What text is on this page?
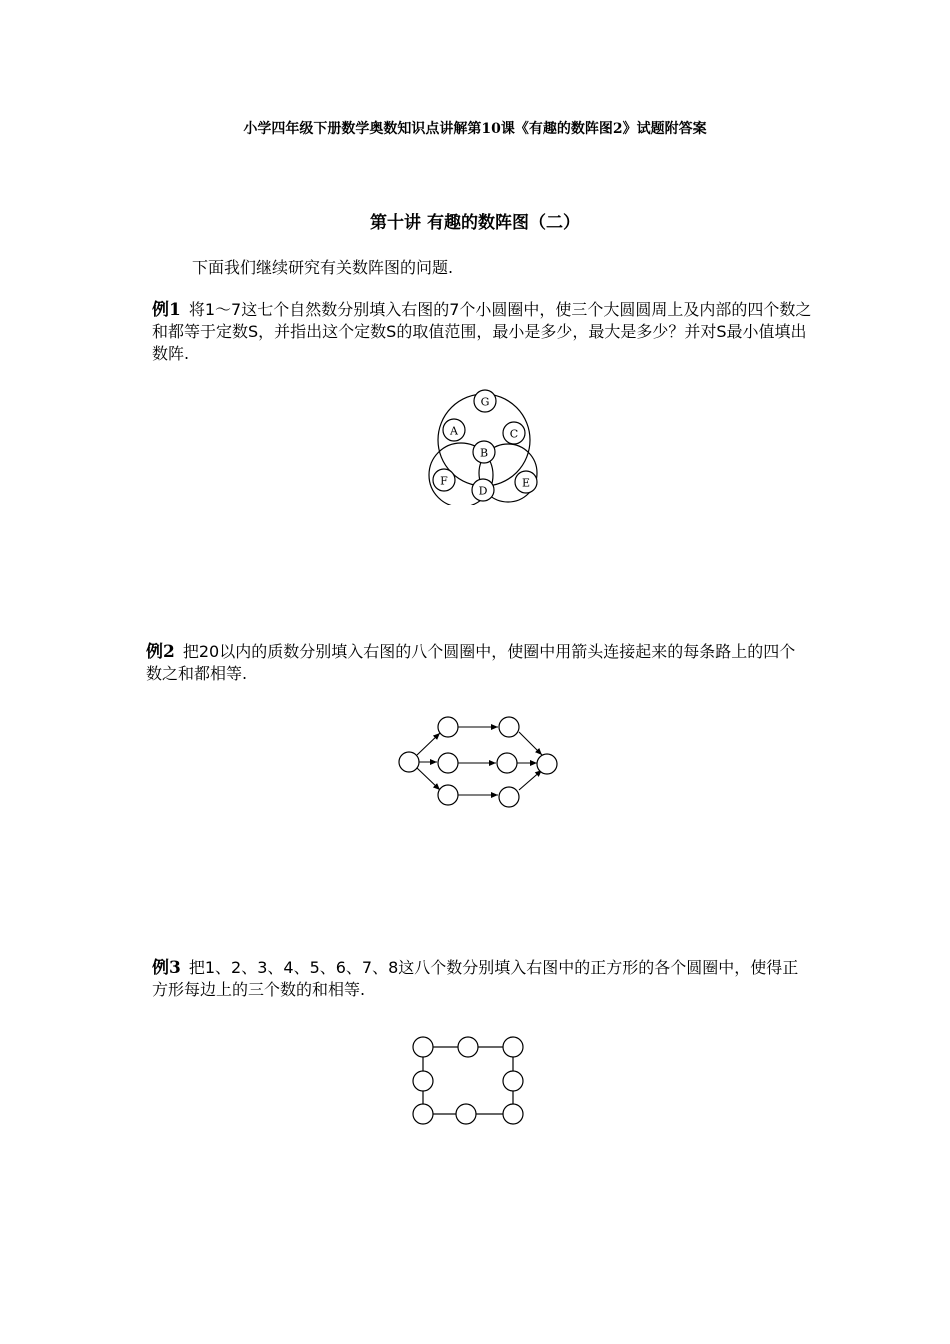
小学四年级下册数学奥数知识点讲解第10课《有趣的数阵图2》试题附答案
第十讲 有趣的数阵图（二）
下面我们继续研究有关数阵图的问题.
例1 将1～7这七个自然数分别填入右图的7个小圆圈中，使三个大圆圆周上及内部的四个数之和都等于定数S，并指出这个定数S的取值范围，最小是多少，最大是多少？并对S最小值填出数阵.
G
A	C
B
F
D
E
例2 把20以内的质数分别填入右图的八个圆圈中，使圈中用箭头连接起来的每条路上的四个数之和都相等.
例3 把1、2、3、4、5、6、7、8这八个数分别填入右图中的正方形的各个圆圈中，使得正方形每边上的三个数的和相等.
